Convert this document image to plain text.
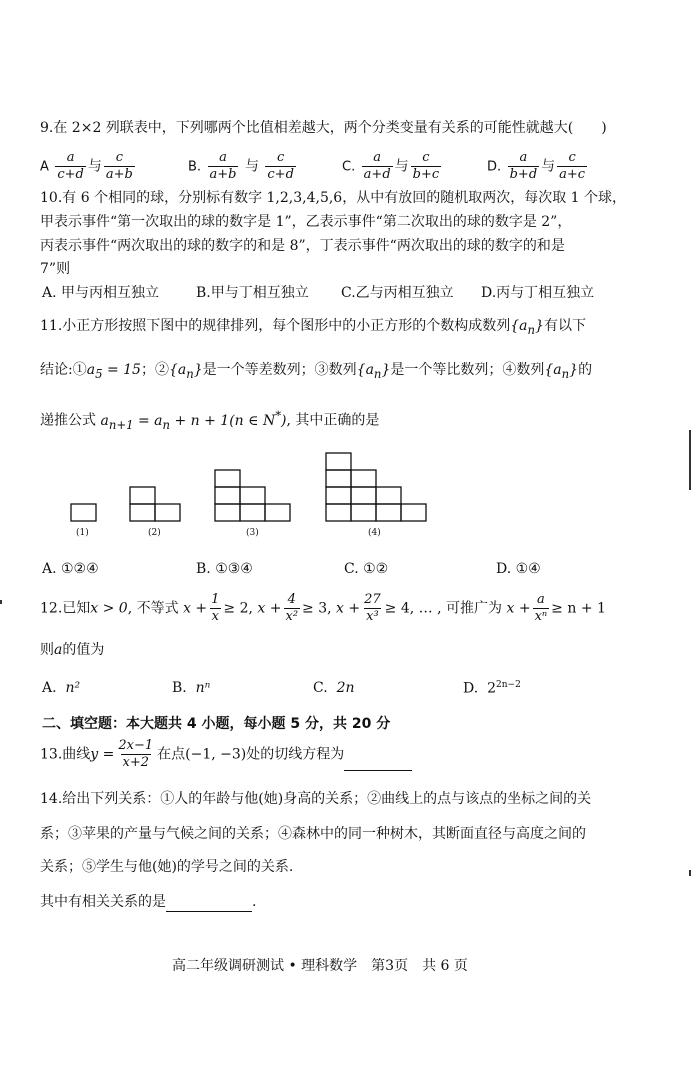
9.在 2×2 列联表中，下列哪两个比值相差越大，两个分类变量有关系的可能性就越大(　　)
A $\frac{a}{c+d}$ 与 $\frac{c}{a+b}$	B. $\frac{a}{a+b}$ 与 $\frac{c}{c+d}$	C. $\frac{a}{a+d}$ 与 $\frac{c}{b+c}$	D. $\frac{a}{b+d}$ 与 $\frac{c}{a+c}$
10.有 6 个相同的球，分别标有数字 1,2,3,4,5,6，从中有放回的随机取两次，每次取 1 个球，
甲表示事件“第一次取出的球的数字是 1”，乙表示事件“第二次取出的球的数字是 2”，
丙表示事件“两次取出的球的数字的和是 8”，丁表示事件“两次取出的球的数字的和是
7”则
A. 甲与丙相互独立	B.甲与丁相互独立 C.乙与丙相互独立 D.丙与丁相互独立
11.小正方形按照下图中的规律排列，每个图形中的小正方形的个数构成数列$\{a_n\}$有以下
结论$:①a_5 = 15$；$②\{a_n\}$是一个等差数列；③数列$\{a_n\}$是一个等比数列；④数列$\{a_n\}$的
递推公式 $a_{n+1} = a_n + n + 1(n$ ∈ N*), 其中正确的是
(1)	(2)	(3)	(4)
A. ①②④	B. ①③④	C. ①②	D. ①④
12.已知x > 0, 不等式 $x + \frac{1}{x} \ge 2$, $x + \frac{4}{\text{x²}} \ge 3$, $x + \frac{27}{\text{x³}} \ge 4$, … , 可推广为 $x + \frac{a}{\text{xⁿ}} \ge n + 1$
则a的值为
A. n²	B. nⁿ	C. 2n	D. $2^{2n-2}$
二、填空题：本大题共 4 小题，每小题 5 分，共 20 分
13.曲线$y = \frac{2x-1}{x+2}$ 在点(−1, −3)处的切线方程为
14.给出下列关系：①人的年龄与他(她)身高的关系；②曲线上的点与该点的坐标之间的关
系；③苹果的产量与气候之间的关系；④森林中的同一种树木，其断面直径与高度之间的
关系；⑤学生与他(她)的学号之间的关系.
其中有相关关系的是	.
高二年级调研测试 • 理科数学　第3页　共 6 页
